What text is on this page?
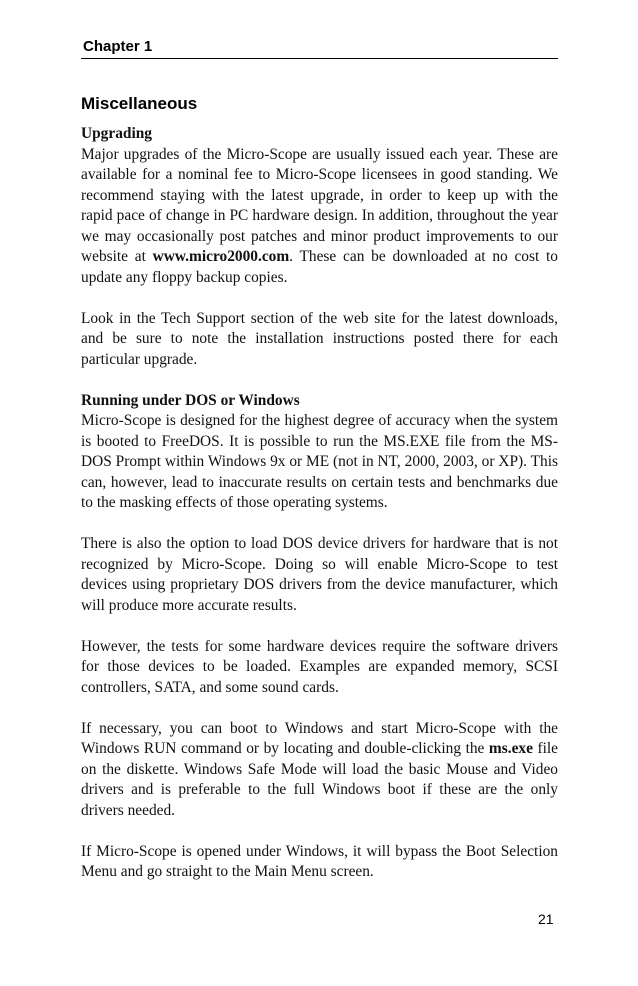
Chapter 1
Miscellaneous
Upgrading

Major upgrades of the Micro-Scope are usually issued each year. These are available for a nominal fee to Micro-Scope licensees in good standing. We recommend staying with the latest upgrade, in order to keep up with the rapid pace of change in PC hardware design. In addition, throughout the year we may occasionally post patches and minor product improvements to our website at www.micro2000.com. These can be downloaded at no cost to update any floppy backup copies.

Look in the Tech Support section of the web site for the latest downloads, and be sure to note the installation instructions posted there for each particular upgrade.

Running under DOS or Windows

Micro-Scope is designed for the highest degree of accuracy when the system is booted to FreeDOS. It is possible to run the MS.EXE file from the MS-DOS Prompt within Windows 9x or ME (not in NT, 2000, 2003, or XP). This can, however, lead to inaccurate results on certain tests and benchmarks due to the masking effects of those operating systems.

There is also the option to load DOS device drivers for hardware that is not recognized by Micro-Scope. Doing so will enable Micro-Scope to test devices using proprietary DOS drivers from the device manufacturer, which will produce more accurate results.

However, the tests for some hardware devices require the software drivers for those devices to be loaded. Examples are expanded memory, SCSI controllers, SATA, and some sound cards.

If necessary, you can boot to Windows and start Micro-Scope with the Windows RUN command or by locating and double-clicking the ms.exe file on the diskette. Windows Safe Mode will load the basic Mouse and Video drivers and is preferable to the full Windows boot if these are the only drivers needed.

If Micro-Scope is opened under Windows, it will bypass the Boot Selection Menu and go straight to the Main Menu screen.

21
